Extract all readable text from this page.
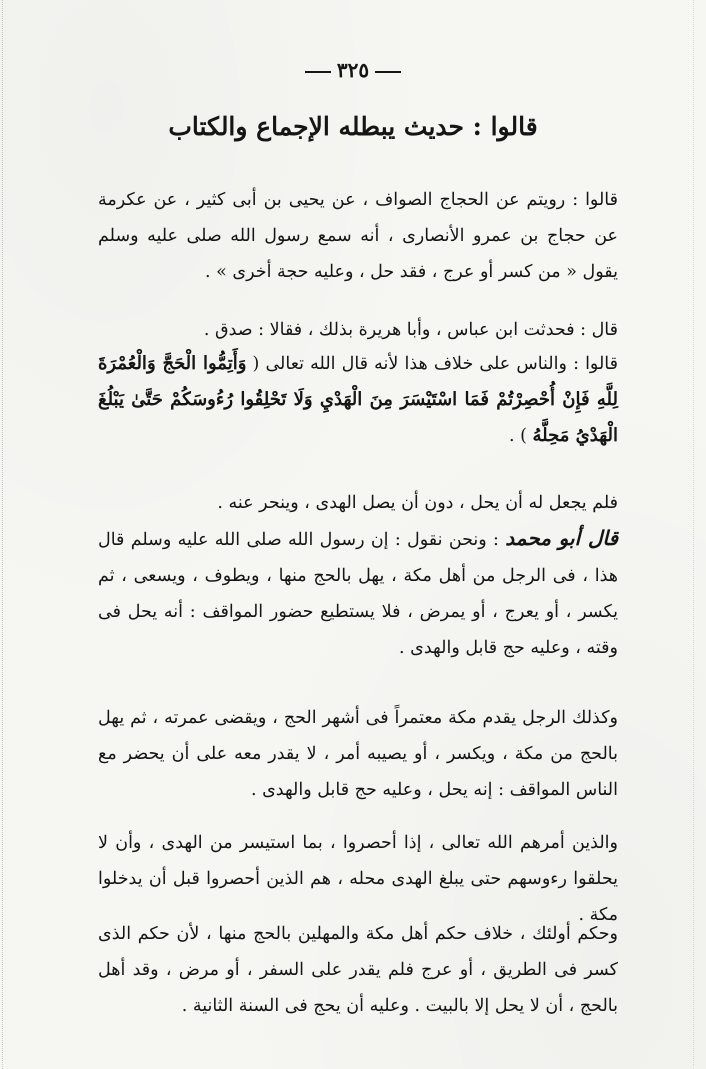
٣٢٥
قالوا : حديث يبطله الإجماع والكتاب

قالوا : رويتم عن الحجاج الصواف ، عن يحيى بن أبى كثير ، عن عكرمة عن حجاج بن عمرو الأنصارى ، أنه سمع رسول الله صلى عليه وسلم يقول « من كسر أو عرج ، فقد حل ، وعليه حجة أخرى » .

قال : فحدثت ابن عباس ، وأبا هريرة بذلك ، فقالا : صدق .

قالوا : والناس على خلاف هذا لأنه قال الله تعالى ( وَأَتِمُّوا الْحَجَّ وَالْعُمْرَةَ لِلَّهِ فَإِنْ أُحْصِرْتُمْ فَمَا اسْتَيْسَرَ مِنَ الْهَدْيِ وَلَا تَحْلِقُوا رُءُوسَكُمْ حَتَّىٰ يَبْلُغَ الْهَدْيُ مَحِلَّهُ ) .

فلم يجعل له أن يحل ، دون أن يصل الهدى ، وينحر عنه .

قال أبو محمد : ونحن نقول : إن رسول الله صلى الله عليه وسلم قال هذا ، فى الرجل من أهل مكة ، يهل بالحج منها ، ويطوف ، ويسعى ، ثم يكسر ، أو يعرج ، أو يمرض ، فلا يستطيع حضور المواقف : أنه يحل فى وقته ، وعليه حج قابل والهدى .

وكذلك الرجل يقدم مكة معتمراً فى أشهر الحج ، ويقضى عمرته ، ثم يهل بالحج من مكة ، ويكسر ، أو يصيبه أمر ، لا يقدر معه على أن يحضر مع الناس المواقف : إنه يحل ، وعليه حج قابل والهدى .

والذين أمرهم الله تعالى ، إذا أحصروا ، بما استيسر من الهدى ، وأن لا يحلقوا رءوسهم حتى يبلغ الهدى محله ، هم الذين أحصروا قبل أن يدخلوا مكة .

وحكم أولئك ، خلاف حكم أهل مكة والمهلين بالحج منها ، لأن حكم الذى كسر فى الطريق ، أو عرج فلم يقدر على السفر ، أو مرض ، وقد أهل بالحج ، أن لا يحل إلا بالبيت . وعليه أن يحج فى السنة الثانية .
